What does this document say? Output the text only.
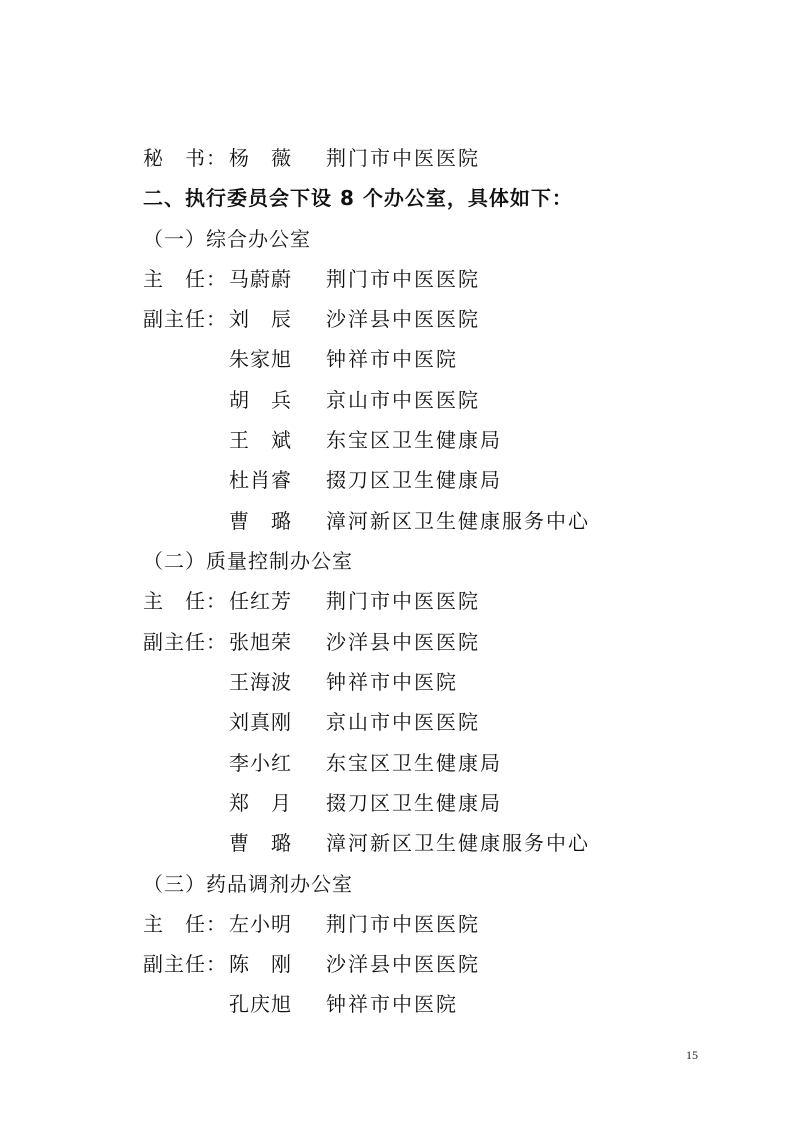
秘　书： 杨　薇 荆门市中医医院
二、执行委员会下设 8 个办公室，具体如下：
（一）综合办公室
主　任： 马蔚蔚 荆门市中医医院
副主任： 刘　辰 沙洋县中医医院
朱家旭 钟祥市中医院
胡　兵 京山市中医医院
王　斌 东宝区卫生健康局
杜肖睿 掇刀区卫生健康局
曹　璐 漳河新区卫生健康服务中心
（二）质量控制办公室
主　任： 任红芳 荆门市中医医院
副主任： 张旭荣 沙洋县中医医院
王海波 钟祥市中医院
刘真刚 京山市中医医院
李小红 东宝区卫生健康局
郑　月 掇刀区卫生健康局
曹　璐 漳河新区卫生健康服务中心
（三）药品调剂办公室
主　任： 左小明 荆门市中医医院
副主任： 陈　刚 沙洋县中医医院
孔庆旭 钟祥市中医院
15
